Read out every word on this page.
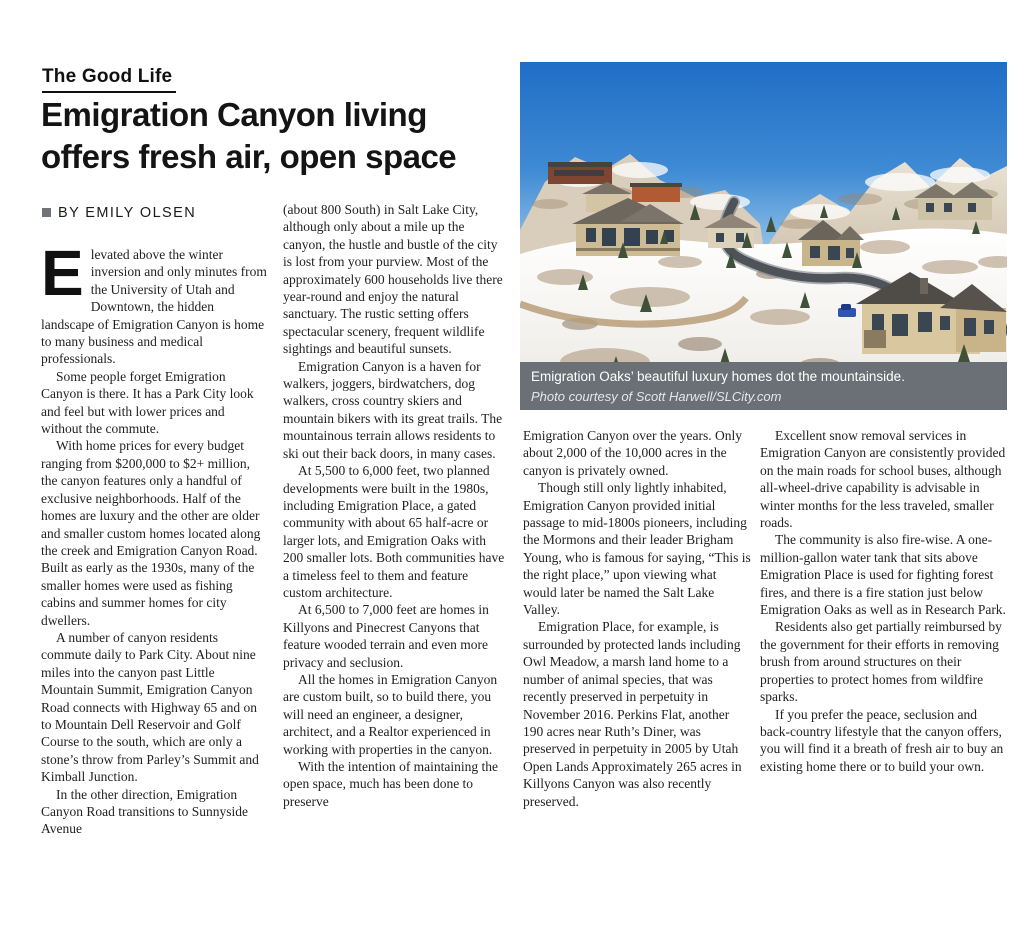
The Good Life
Emigration Canyon living
offers fresh air, open space
BY EMILY OLSEN
Emigration Oaks’ beautiful luxury homes dot the mountainside.
Photo courtesy of Scott Harwell/SLCity.com

Elevated above the winter inversion and only minutes from the University of Utah and Downtown, the hidden landscape of Emigration Canyon is home to many business and medical professionals.

Some people forget Emigration Canyon is there. It has a Park City look and feel but with lower prices and without the commute.

With home prices for every budget ranging from $200,000 to $2+ million, the canyon features only a handful of exclusive neighborhoods. Half of the homes are luxury and the other are older and smaller custom homes located along the creek and Emigration Canyon Road. Built as early as the 1930s, many of the smaller homes were used as fishing cabins and summer homes for city dwellers.

A number of canyon residents commute daily to Park City. About nine miles into the canyon past Little Mountain Summit, Emigration Canyon Road connects with Highway 65 and on to Mountain Dell Reservoir and Golf Course to the south, which are only a stone’s throw from Parley’s Summit and Kimball Junction.

In the other direction, Emigration Canyon Road transitions to Sunnyside Avenue

(about 800 South) in Salt Lake City, although only about a mile up the canyon, the hustle and bustle of the city is lost from your purview. Most of the approximately 600 households live there year-round and enjoy the natural sanctuary. The rustic setting offers spectacular scenery, frequent wildlife sightings and beautiful sunsets.

Emigration Canyon is a haven for walkers, joggers, birdwatchers, dog walkers, cross country skiers and mountain bikers with its great trails. The mountainous terrain allows residents to ski out their back doors, in many cases.

At 5,500 to 6,000 feet, two planned developments were built in the 1980s, including Emigration Place, a gated community with about 65 half-acre or larger lots, and Emigration Oaks with 200 smaller lots. Both communities have a timeless feel to them and feature custom architecture.

At 6,500 to 7,000 feet are homes in Killyons and Pinecrest Canyons that feature wooded terrain and even more privacy and seclusion.

All the homes in Emigration Canyon are custom built, so to build there, you will need an engineer, a designer, architect, and a Realtor experienced in working with properties in the canyon.

With the intention of maintaining the open space, much has been done to preserve

Emigration Canyon over the years. Only about 2,000 of the 10,000 acres in the canyon is privately owned.

Though still only lightly inhabited, Emigration Canyon provided initial passage to mid-1800s pioneers, including the Mormons and their leader Brigham Young, who is famous for saying, “This is the right place,” upon viewing what would later be named the Salt Lake Valley.

Emigration Place, for example, is surrounded by protected lands including Owl Meadow, a marsh land home to a number of animal species, that was recently preserved in perpetuity in November 2016. Perkins Flat, another 190 acres near Ruth’s Diner, was preserved in perpetuity in 2005 by Utah Open Lands Approximately 265 acres in Killyons Canyon was also recently preserved.

Excellent snow removal services in Emigration Canyon are consistently provided on the main roads for school buses, although all-wheel-drive capability is advisable in winter months for the less traveled, smaller roads.

The community is also fire-wise. A one-million-gallon water tank that sits above Emigration Place is used for fighting forest fires, and there is a fire station just below Emigration Oaks as well as in Research Park.

Residents also get partially reimbursed by the government for their efforts in removing brush from around structures on their properties to protect homes from wildfire sparks.

If you prefer the peace, seclusion and back-country lifestyle that the canyon offers, you will find it a breath of fresh air to buy an existing home there or to build your own.
